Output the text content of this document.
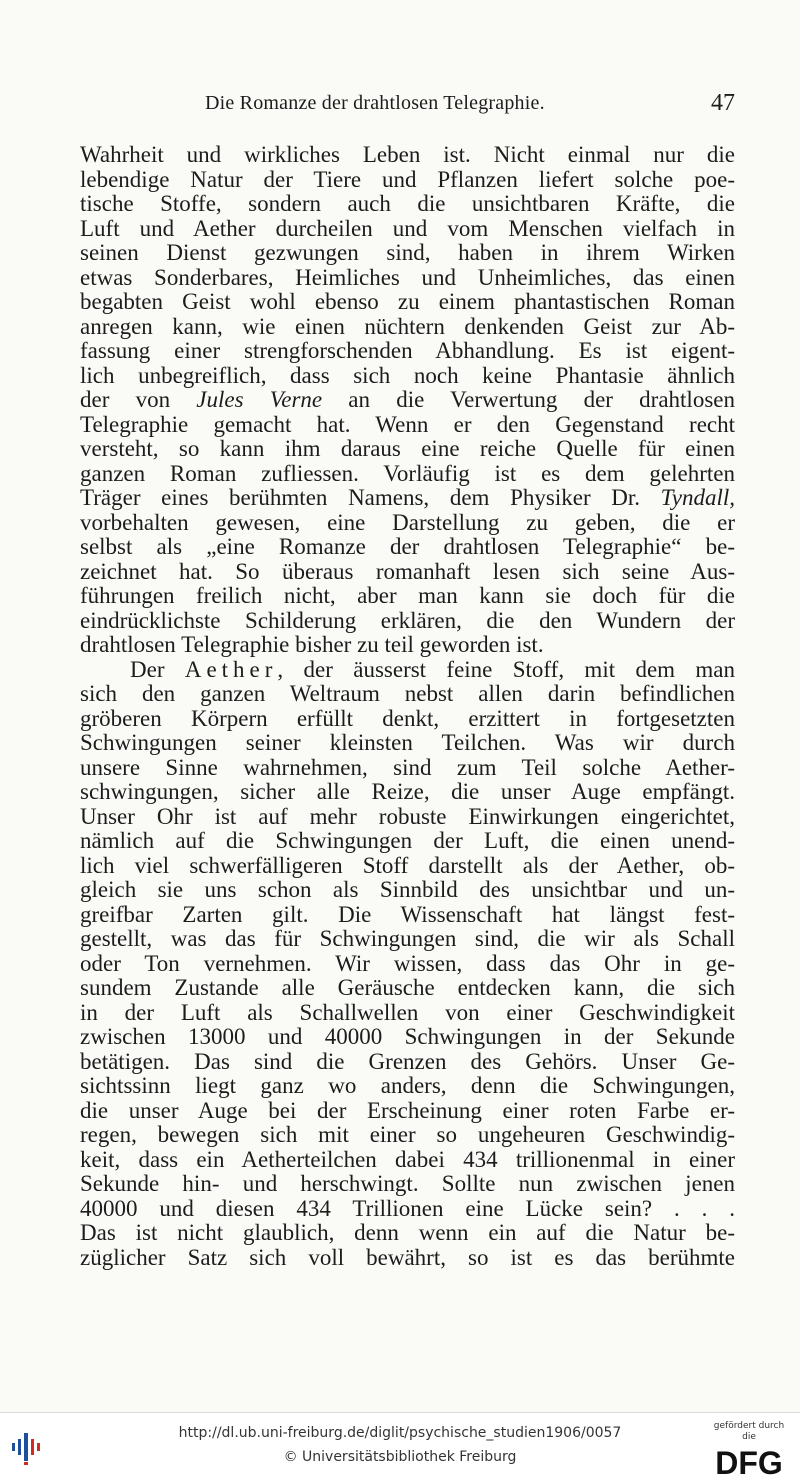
Die Romanze der drahtlosen Telegraphie.	47
Wahrheit und wirkliches Leben ist. Nicht einmal nur die
lebendige Natur der Tiere und Pflanzen liefert solche poe-
tische Stoffe, sondern auch die unsichtbaren Kräfte, die
Luft und Aether durcheilen und vom Menschen vielfach in
seinen Dienst gezwungen sind, haben in ihrem Wirken
etwas Sonderbares, Heimliches und Unheimliches, das einen
begabten Geist wohl ebenso zu einem phantastischen Roman
anregen kann, wie einen nüchtern denkenden Geist zur Ab-
fassung einer strengforschenden Abhandlung. Es ist eigent-
lich unbegreiflich, dass sich noch keine Phantasie ähnlich
der von Jules Verne an die Verwertung der drahtlosen
Telegraphie gemacht hat. Wenn er den Gegenstand recht
versteht, so kann ihm daraus eine reiche Quelle für einen
ganzen Roman zufliessen. Vorläufig ist es dem gelehrten
Träger eines berühmten Namens, dem Physiker Dr. Tyndall,
vorbehalten gewesen, eine Darstellung zu geben, die er
selbst als „eine Romanze der drahtlosen Telegraphie“ be-
zeichnet hat. So überaus romanhaft lesen sich seine Aus-
führungen freilich nicht, aber man kann sie doch für die
eindrücklichste Schilderung erklären, die den Wundern der
drahtlosen Telegraphie bisher zu teil geworden ist.
Der Aether, der äusserst feine Stoff, mit dem man
sich den ganzen Weltraum nebst allen darin befindlichen
gröberen Körpern erfüllt denkt, erzittert in fortgesetzten
Schwingungen seiner kleinsten Teilchen. Was wir durch
unsere Sinne wahrnehmen, sind zum Teil solche Aether-
schwingungen, sicher alle Reize, die unser Auge empfängt.
Unser Ohr ist auf mehr robuste Einwirkungen eingerichtet,
nämlich auf die Schwingungen der Luft, die einen unend-
lich viel schwerfälligeren Stoff darstellt als der Aether, ob-
gleich sie uns schon als Sinnbild des unsichtbar und un-
greifbar Zarten gilt. Die Wissenschaft hat längst fest-
gestellt, was das für Schwingungen sind, die wir als Schall
oder Ton vernehmen. Wir wissen, dass das Ohr in ge-
sundem Zustande alle Geräusche entdecken kann, die sich
in der Luft als Schallwellen von einer Geschwindigkeit
zwischen 13000 und 40000 Schwingungen in der Sekunde
betätigen. Das sind die Grenzen des Gehörs. Unser Ge-
sichtssinn liegt ganz wo anders, denn die Schwingungen,
die unser Auge bei der Erscheinung einer roten Farbe er-
regen, bewegen sich mit einer so ungeheuren Geschwindig-
keit, dass ein Aetherteilchen dabei 434 trillionenmal in einer
Sekunde hin- und herschwingt. Sollte nun zwischen jenen
40000 und diesen 434 Trillionen eine Lücke sein? . . .
Das ist nicht glaublich, denn wenn ein auf die Natur be-
züglicher Satz sich voll bewährt, so ist es das berühmte
http://dl.ub.uni-freiburg.de/diglit/psychische_studien1906/0057
© Universitätsbibliothek Freiburg
gefördert durch die
DFG
